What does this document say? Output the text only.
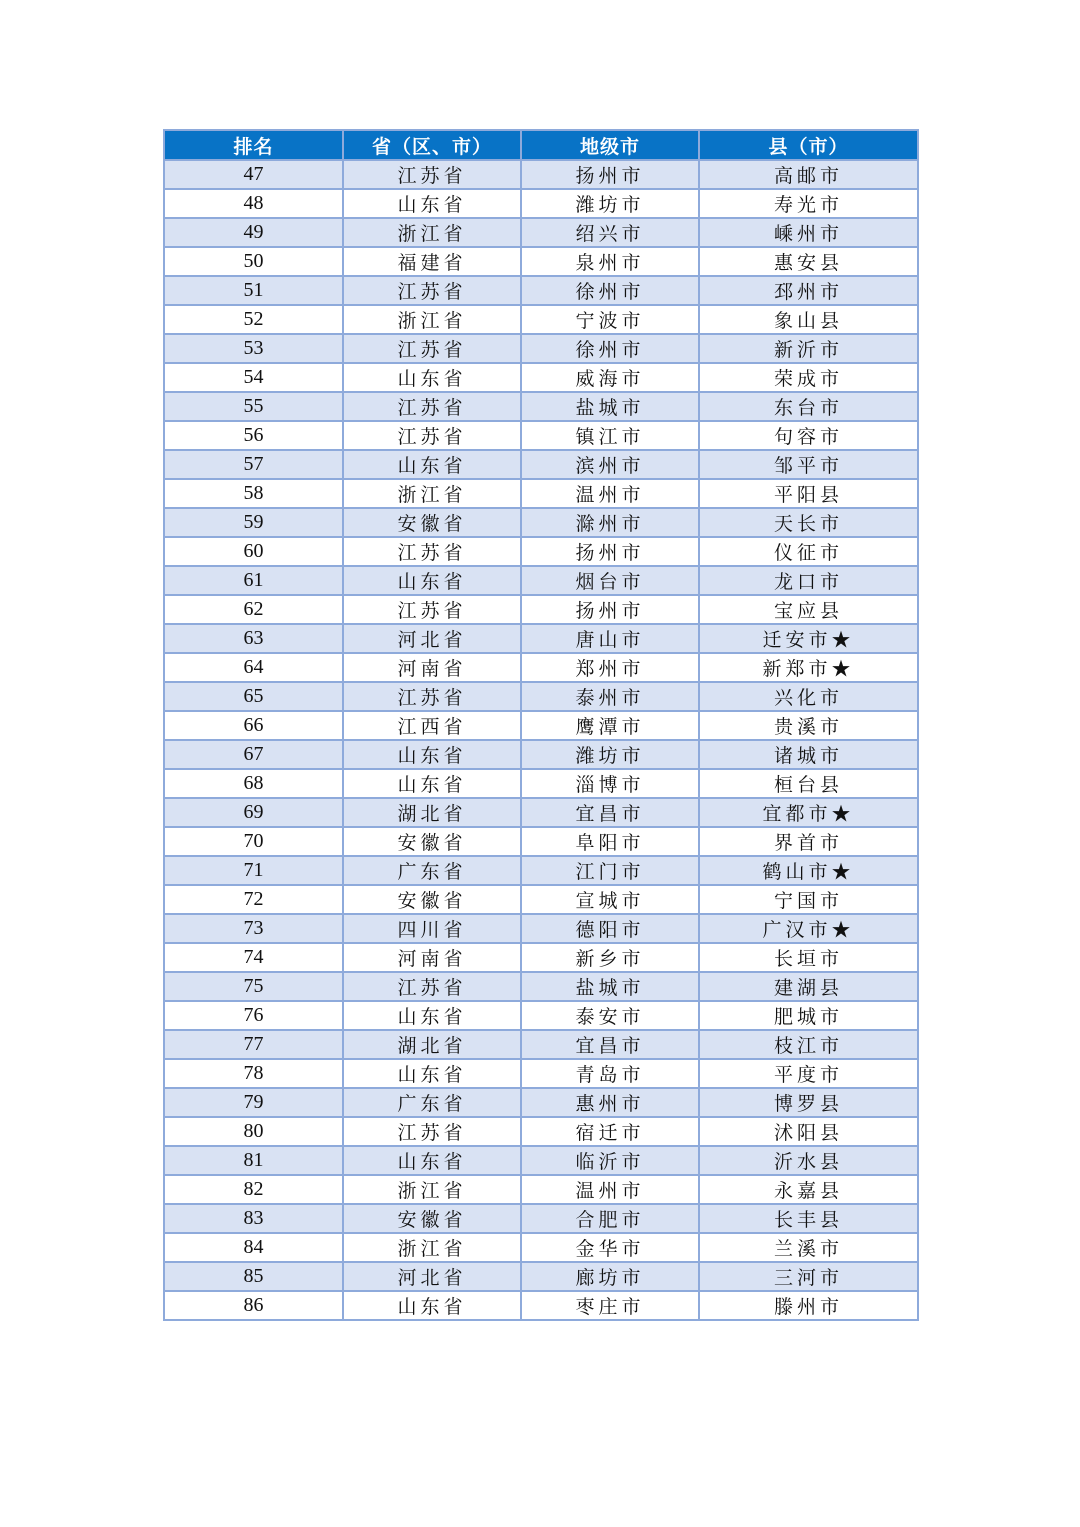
排名	省（区、市）	地级市	县（市）
47	江苏省	扬州市	高邮市
48	山东省	潍坊市	寿光市
49	浙江省	绍兴市	嵊州市
50	福建省	泉州市	惠安县
51	江苏省	徐州市	邳州市
52	浙江省	宁波市	象山县
53	江苏省	徐州市	新沂市
54	山东省	威海市	荣成市
55	江苏省	盐城市	东台市
56	江苏省	镇江市	句容市
57	山东省	滨州市	邹平市
58	浙江省	温州市	平阳县
59	安徽省	滁州市	天长市
60	江苏省	扬州市	仪征市
61	山东省	烟台市	龙口市
62	江苏省	扬州市	宝应县
63	河北省	唐山市	迁安市★
64	河南省	郑州市	新郑市★
65	江苏省	泰州市	兴化市
66	江西省	鹰潭市	贵溪市
67	山东省	潍坊市	诸城市
68	山东省	淄博市	桓台县
69	湖北省	宜昌市	宜都市★
70	安徽省	阜阳市	界首市
71	广东省	江门市	鹤山市★
72	安徽省	宣城市	宁国市
73	四川省	德阳市	广汉市★
74	河南省	新乡市	长垣市
75	江苏省	盐城市	建湖县
76	山东省	泰安市	肥城市
77	湖北省	宜昌市	枝江市
78	山东省	青岛市	平度市
79	广东省	惠州市	博罗县
80	江苏省	宿迁市	沭阳县
81	山东省	临沂市	沂水县
82	浙江省	温州市	永嘉县
83	安徽省	合肥市	长丰县
84	浙江省	金华市	兰溪市
85	河北省	廊坊市	三河市
86	山东省	枣庄市	滕州市
